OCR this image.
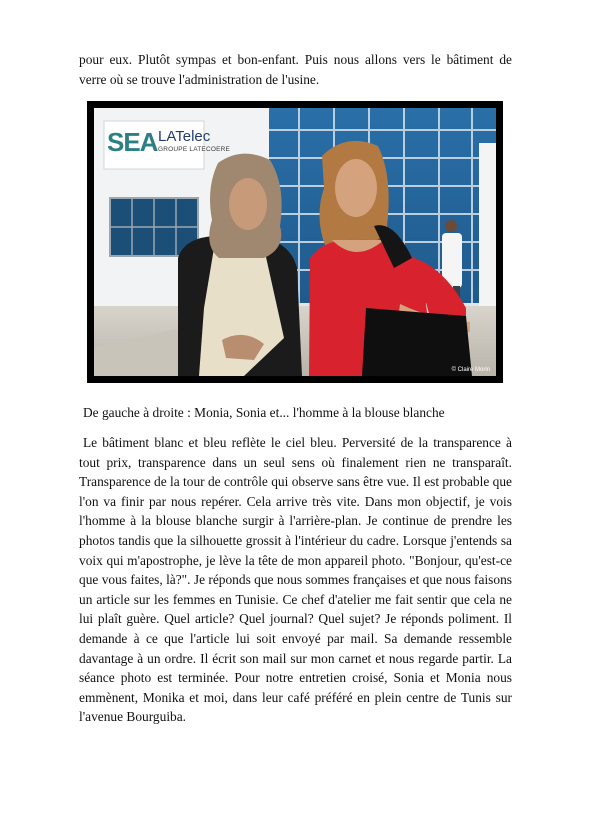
pour eux. Plutôt sympas et bon-enfant. Puis nous allons vers le bâtiment de verre où se trouve l'administration de l'usine.

SEA LATelec
GROUPE LATECOERE
© Claire Morin

De gauche à droite : Monia, Sonia et... l'homme à la blouse blanche

Le bâtiment blanc et bleu reflète le ciel bleu. Perversité de la transparence à tout prix, transparence dans un seul sens où finalement rien ne transparaît. Transparence de la tour de contrôle qui observe sans être vue. Il est probable que l'on va finir par nous repérer. Cela arrive très vite. Dans mon objectif, je vois l'homme à la blouse blanche surgir à l'arrière-plan. Je continue de prendre les photos tandis que la silhouette grossit à l'intérieur du cadre. Lorsque j'entends sa voix qui m'apostrophe, je lève la tête de mon appareil photo. "Bonjour, qu'est-ce que vous faites, là?". Je réponds que nous sommes françaises et que nous faisons un article sur les femmes en Tunisie. Ce chef d'atelier me fait sentir que cela ne lui plaît guère. Quel article? Quel journal? Quel sujet? Je réponds poliment. Il demande à ce que l'article lui soit envoyé par mail. Sa demande ressemble davantage à un ordre. Il écrit son mail sur mon carnet et nous regarde partir. La séance photo est terminée. Pour notre entretien croisé, Sonia et Monia nous emmènent, Monika et moi, dans leur café préféré en plein centre de Tunis sur l'avenue Bourguiba.
